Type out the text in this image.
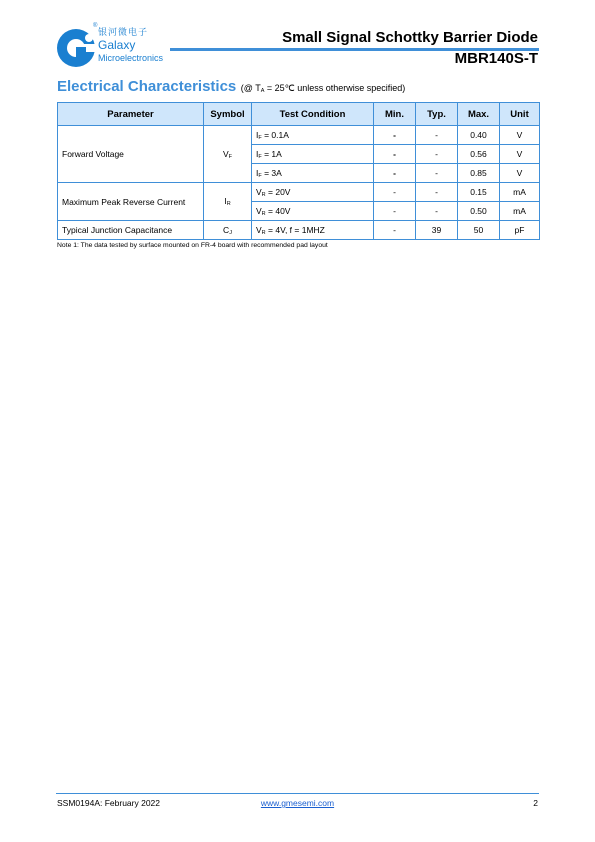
®
银河微电子
Galaxy
Microelectronics
Small Signal Schottky Barrier Diode
MBR140S-T
Electrical Characteristics (@ $T_A$ = 25℃ unless otherwise specified)
Parameter	Symbol	Test Condition	Min.	Typ.	Max.	Unit
Forward Voltage	$V_F$	$I_F = 0.1A$	-	-	0.40	V
		$I_F = 1A$	-	-	0.56	V
		$I_F = 3A$	-	-	0.85	V
Maximum Peak Reverse Current	$I_R$	$V_R = 20V$	-	-	0.15	mA
		$V_R = 40V$	-	-	0.50	mA
Typical Junction Capacitance	$C_J$	$V_R = 4V$, f = 1MHZ	-	39	50	pF
Note 1: The data tested by surface mounted on FR-4 board with recommended pad layout
SSM0194A: February 2022	www.gmesemi.com	2
